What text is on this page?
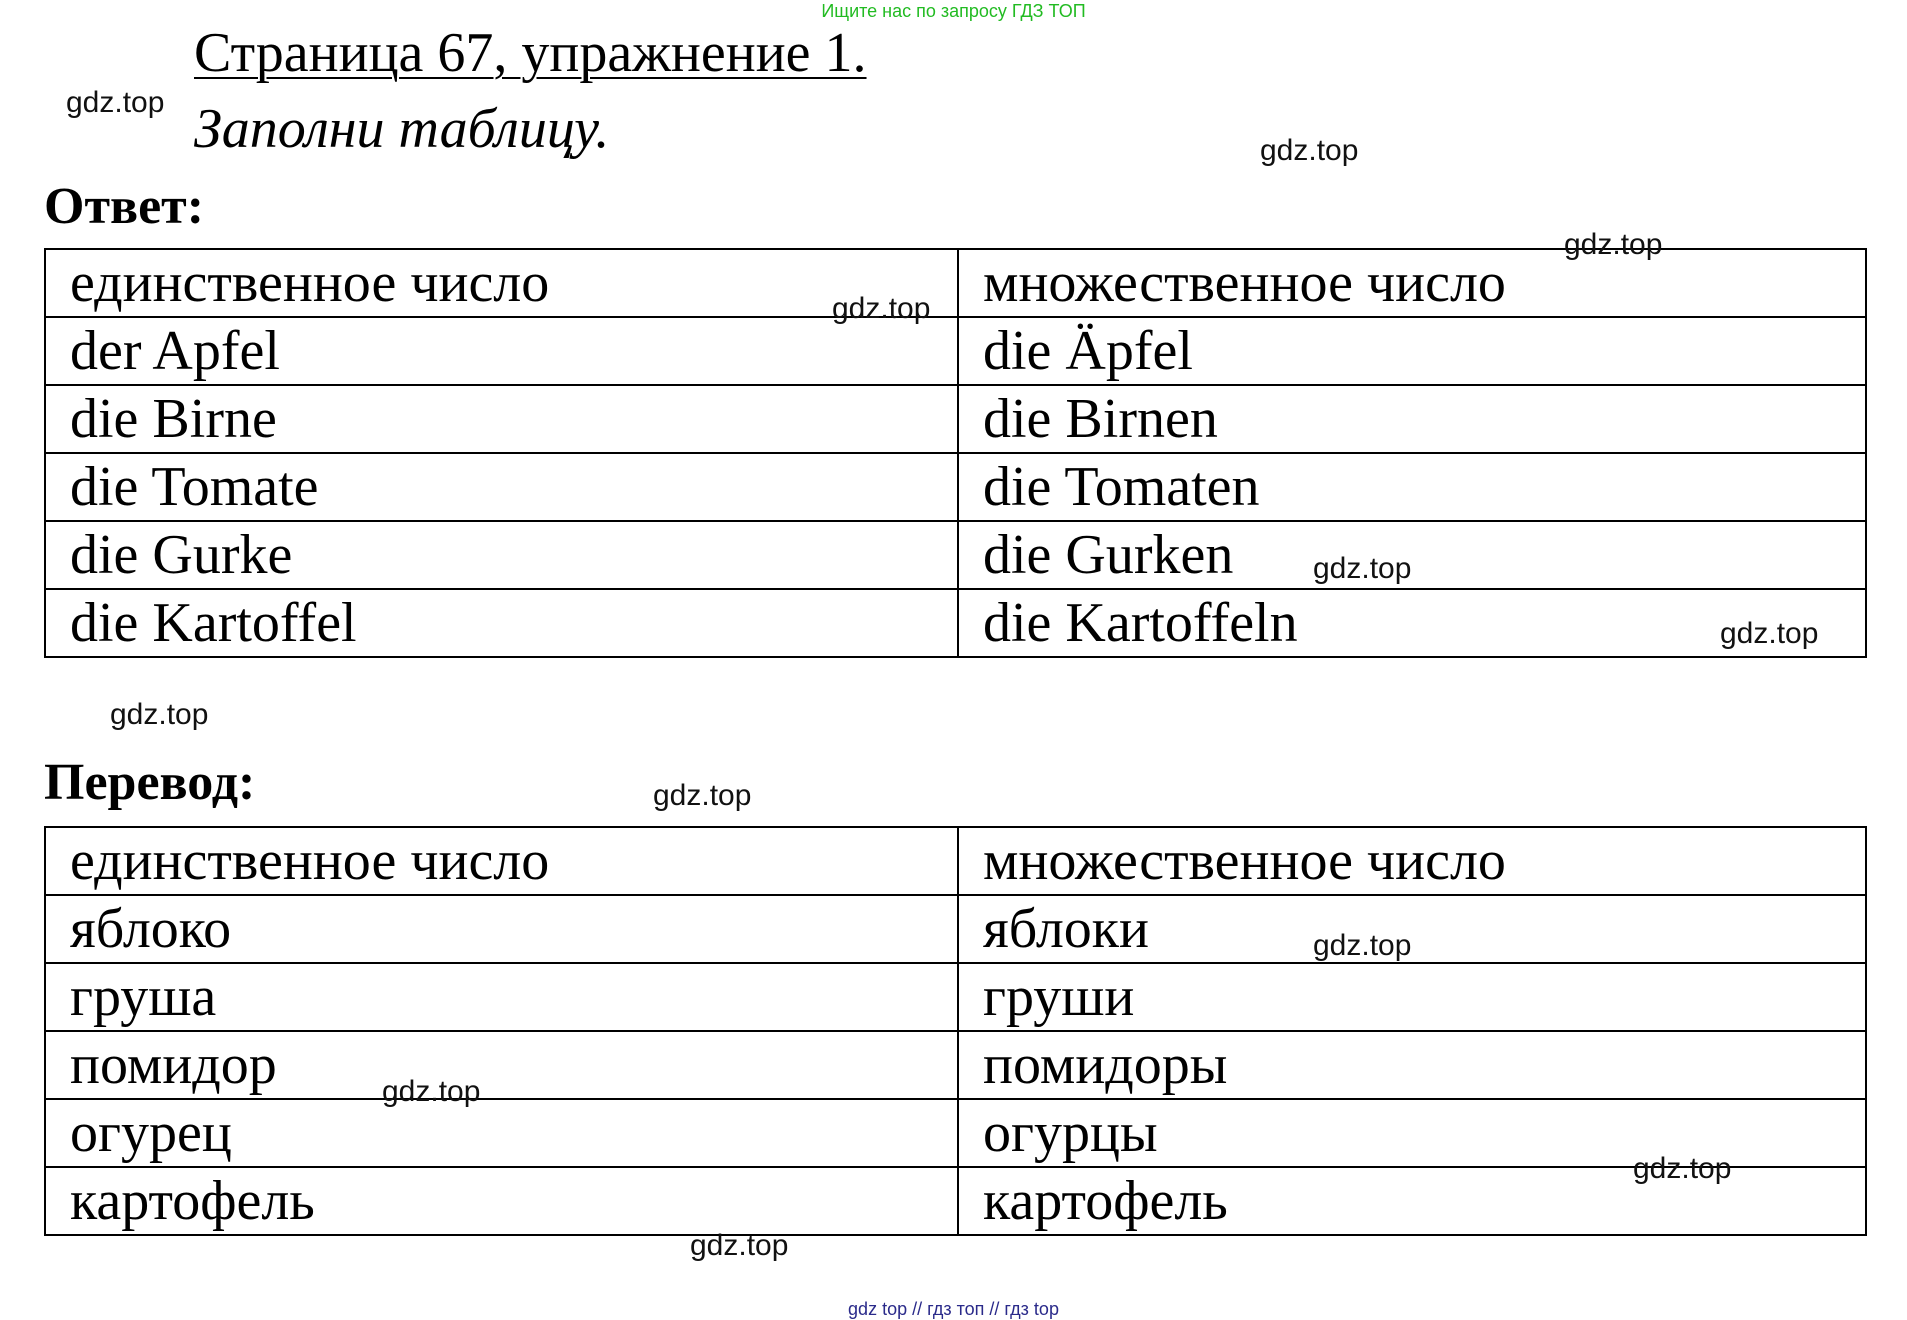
Ищите нас по запросу ГДЗ ТОП
Страница 67, упражнение 1.
Заполни таблицу.
Ответ:
единственное число	множественное число
der Apfel	die Äpfel
die Birne	die Birnen
die Tomate	die Tomaten
die Gurke	die Gurken
die Kartoffel	die Kartoffeln
Перевод:
единственное число	множественное число
яблоко	яблоки
груша	груши
помидор	помидоры
огурец	огурцы
картофель	картофель
gdz.top
gdz.top
gdz.top
gdz.top
gdz.top
gdz.top
gdz.top
gdz.top
gdz.top
gdz.top
gdz.top
gdz.top
gdz top // гдз топ // гдз top
